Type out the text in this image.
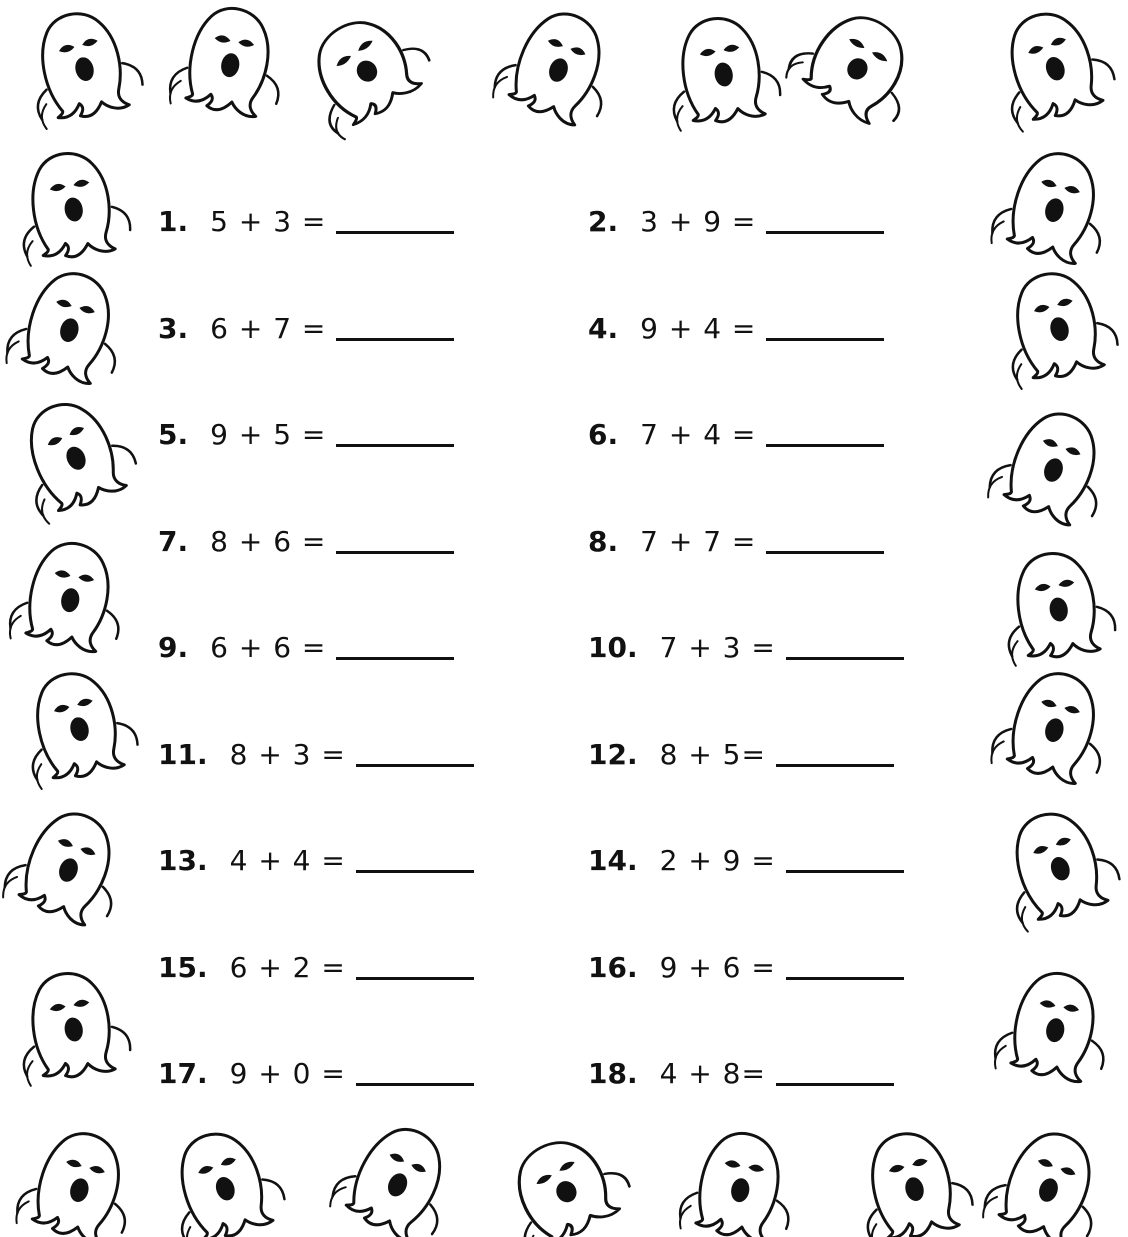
1. 5 + 3 =	2. 3 + 9 =
3. 6 + 7 =	4. 9 + 4 =
5. 9 + 5 =	6. 7 + 4 =
7. 8 + 6 =	8. 7 + 7 =
9. 6 + 6 =	10. 7 + 3 =
11. 8 + 3 =	12. 8 + 5=
13. 4 + 4 =	14. 2 + 9 =
15. 6 + 2 =	16. 9 + 6 =
17. 9 + 0 =	18. 4 + 8=
